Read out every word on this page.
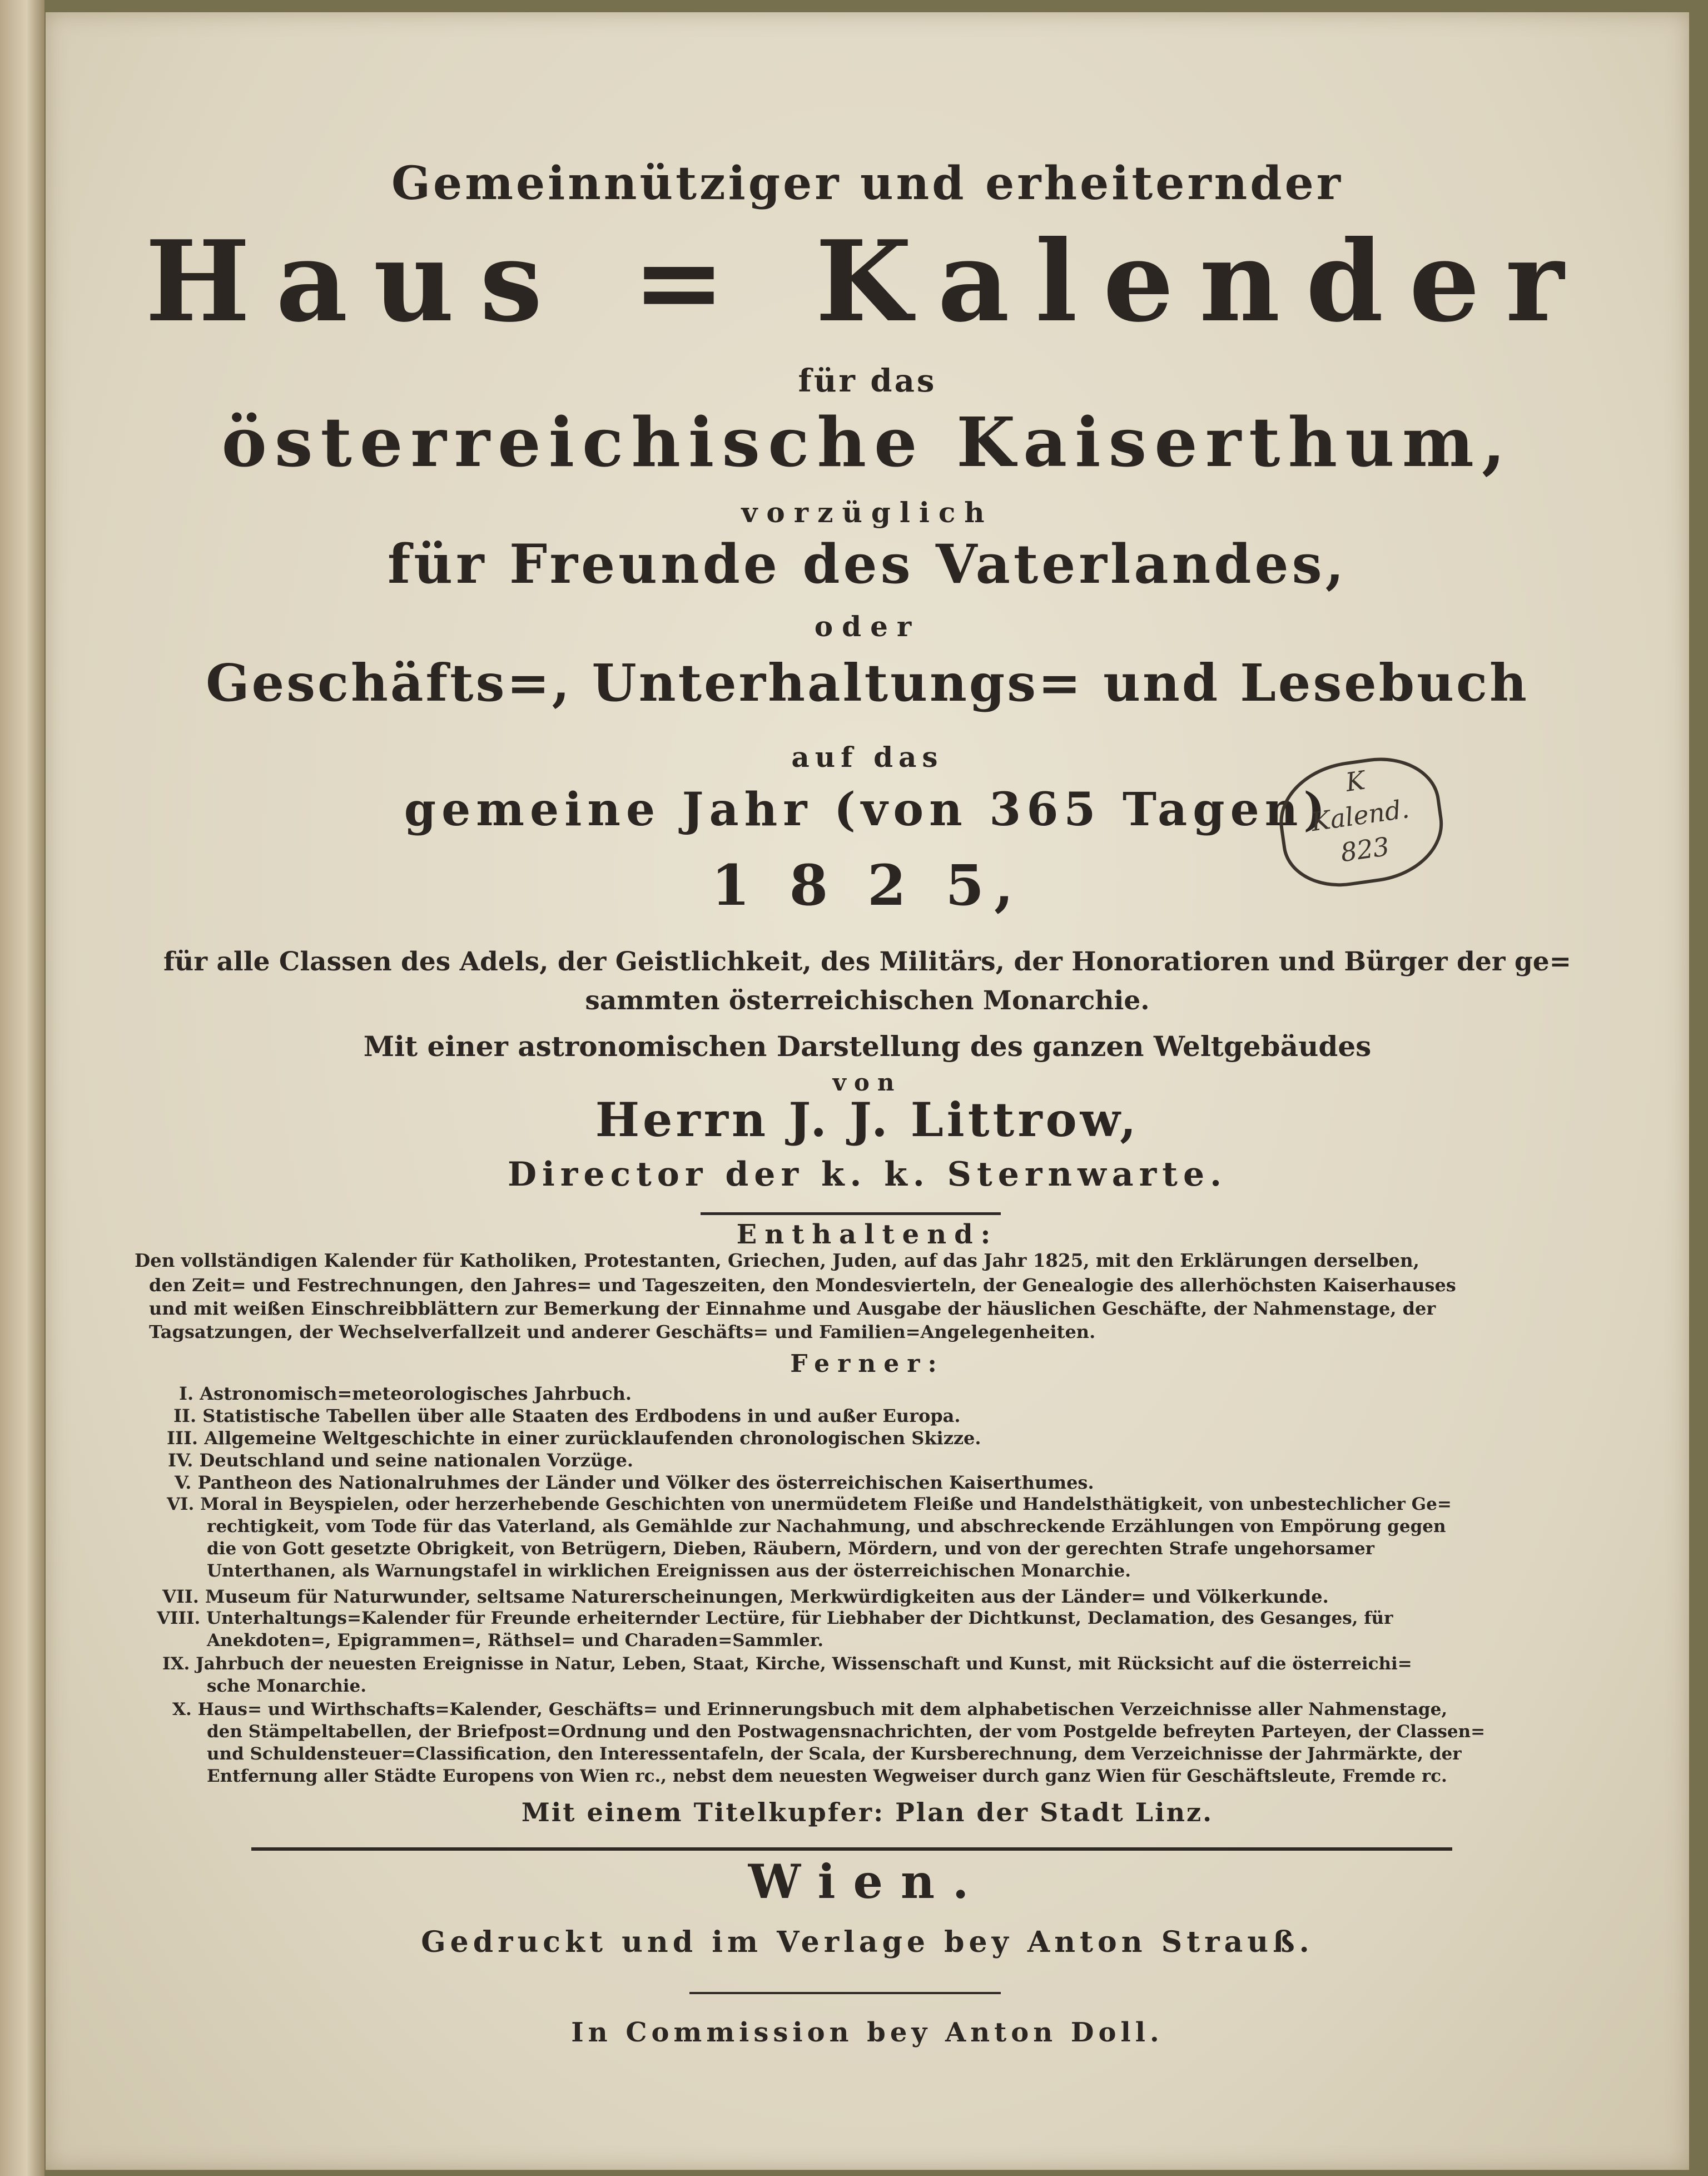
Gemeinnütziger und erheiternder

Haus = Kalender

für das

österreichische Kaiserthum,

vorzüglich

für Freunde des Vaterlandes,

oder

Geschäfts=, Unterhaltungs= und Lesebuch

auf das

gemeine Jahr (von 365 Tagen)

1 8 2 5,

für alle Classen des Adels, der Geistlichkeit, des Militärs, der Honoratioren und Bürger der ge=

sammten österreichischen Monarchie.

Mit einer astronomischen Darstellung des ganzen Weltgebäudes

von

Herrn J. J. Littrow,

Director der k. k. Sternwarte.

K
Kalend.
823

Enthaltend:

Den vollständigen Kalender für Katholiken, Protestanten, Griechen, Juden, auf das Jahr 1825, mit den Erklärungen derselben,

den Zeit= und Festrechnungen, den Jahres= und Tageszeiten, den Mondesvierteln, der Genealogie des allerhöchsten Kaiserhauses

und mit weißen Einschreibblättern zur Bemerkung der Einnahme und Ausgabe der häuslichen Geschäfte, der Nahmenstage, der

Tagsatzungen, der Wechselverfallzeit und anderer Geschäfts= und Familien=Angelegenheiten.

Ferner:

I. Astronomisch=meteorologisches Jahrbuch.

II. Statistische Tabellen über alle Staaten des Erdbodens in und außer Europa.

III. Allgemeine Weltgeschichte in einer zurücklaufenden chronologischen Skizze.

IV. Deutschland und seine nationalen Vorzüge.

V. Pantheon des Nationalruhmes der Länder und Völker des österreichischen Kaiserthumes.

VI. Moral in Beyspielen, oder herzerhebende Geschichten von unermüdetem Fleiße und Handelsthätigkeit, von unbestechlicher Ge=

rechtigkeit, vom Tode für das Vaterland, als Gemählde zur Nachahmung, und abschreckende Erzählungen von Empörung gegen

die von Gott gesetzte Obrigkeit, von Betrügern, Dieben, Räubern, Mördern, und von der gerechten Strafe ungehorsamer

Unterthanen, als Warnungstafel in wirklichen Ereignissen aus der österreichischen Monarchie.

VII. Museum für Naturwunder, seltsame Naturerscheinungen, Merkwürdigkeiten aus der Länder= und Völkerkunde.

VIII. Unterhaltungs=Kalender für Freunde erheiternder Lectüre, für Liebhaber der Dichtkunst, Declamation, des Gesanges, für

Anekdoten=, Epigrammen=, Räthsel= und Charaden=Sammler.

IX. Jahrbuch der neuesten Ereignisse in Natur, Leben, Staat, Kirche, Wissenschaft und Kunst, mit Rücksicht auf die österreichi=

sche Monarchie.

X. Haus= und Wirthschafts=Kalender, Geschäfts= und Erinnerungsbuch mit dem alphabetischen Verzeichnisse aller Nahmenstage,

den Stämpeltabellen, der Briefpost=Ordnung und den Postwagensnachrichten, der vom Postgelde befreyten Parteyen, der Classen=

und Schuldensteuer=Classification, den Interessentafeln, der Scala, der Kursberechnung, dem Verzeichnisse der Jahrmärkte, der

Entfernung aller Städte Europens von Wien rc., nebst dem neuesten Wegweiser durch ganz Wien für Geschäftsleute, Fremde rc.

Mit einem Titelkupfer: Plan der Stadt Linz.

Wien.

Gedruckt und im Verlage bey Anton Strauß.

In Commission bey Anton Doll.
